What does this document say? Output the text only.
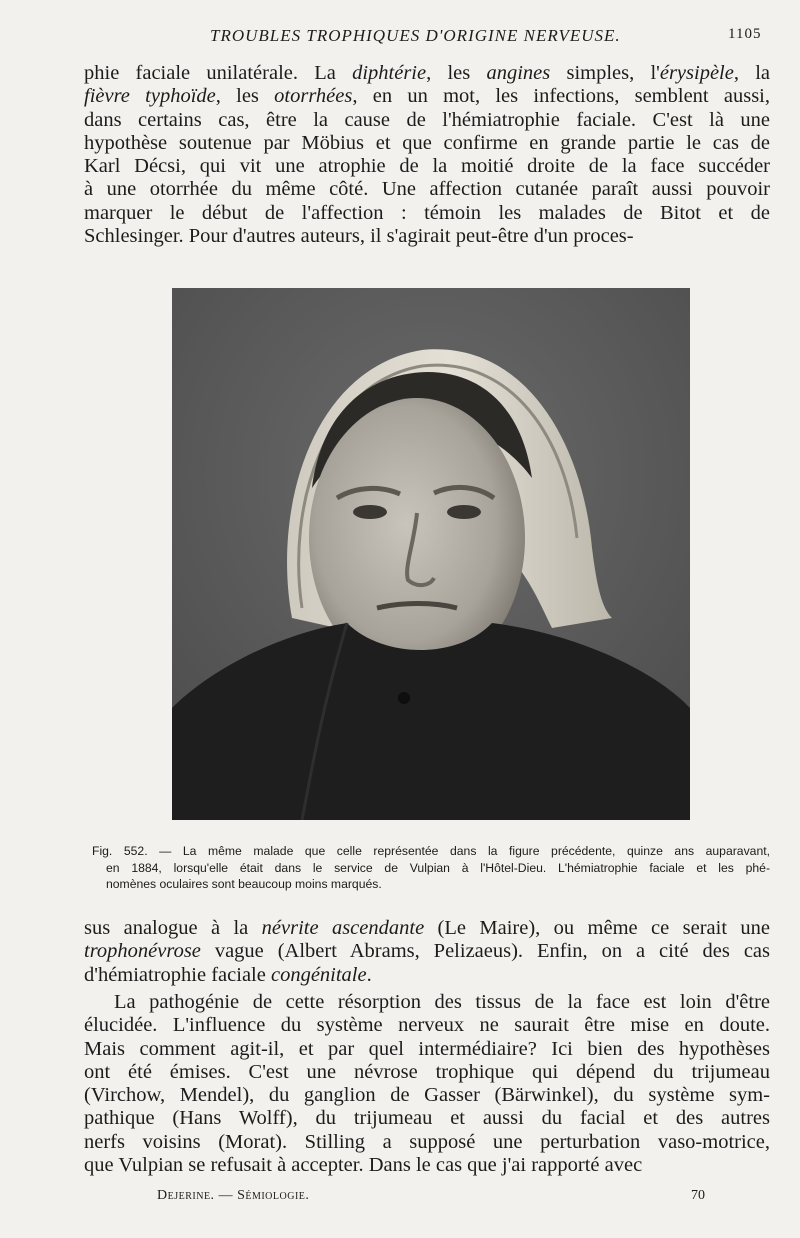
TROUBLES TROPHIQUES D'ORIGINE NERVEUSE.	1105
phie faciale unilatérale. La diphtérie, les angines simples, l'érysipèle, la
fièvre typhoïde, les otorrhées, en un mot, les infections, semblent aussi,
dans certains cas, être la cause de l'hémiatrophie faciale. C'est là une
hypothèse soutenue par Möbius et que confirme en grande partie le cas de
Karl Décsi, qui vit une atrophie de la moitié droite de la face succéder
à une otorrhée du même côté. Une affection cutanée paraît aussi pouvoir
marquer le début de l'affection : témoin les malades de Bitot et de
Schlesinger. Pour d'autres auteurs, il s'agirait peut-être d'un proces-
Fig. 552. — La même malade que celle représentée dans la figure précédente, quinze ans auparavant,
en 1884, lorsqu'elle était dans le service de Vulpian à l'Hôtel-Dieu. L'hémiatrophie faciale et les phé-
nomènes oculaires sont beaucoup moins marqués.
sus analogue à la névrite ascendante (Le Maire), ou même ce serait une
trophonévrose vague (Albert Abrams, Pelizaeus). Enfin, on a cité des cas
d'hémiatrophie faciale congénitale.
La pathogénie de cette résorption des tissus de la face est loin d'être
élucidée. L'influence du système nerveux ne saurait être mise en doute.
Mais comment agit-il, et par quel intermédiaire? Ici bien des hypothèses
ont été émises. C'est une névrose trophique qui dépend du trijumeau
(Virchow, Mendel), du ganglion de Gasser (Bärwinkel), du système sym-
pathique (Hans Wolff), du trijumeau et aussi du facial et des autres
nerfs voisins (Morat). Stilling a supposé une perturbation vaso-motrice,
que Vulpian se refusait à accepter. Dans le cas que j'ai rapporté avec
Dejerine. — Sémiologie.	70
